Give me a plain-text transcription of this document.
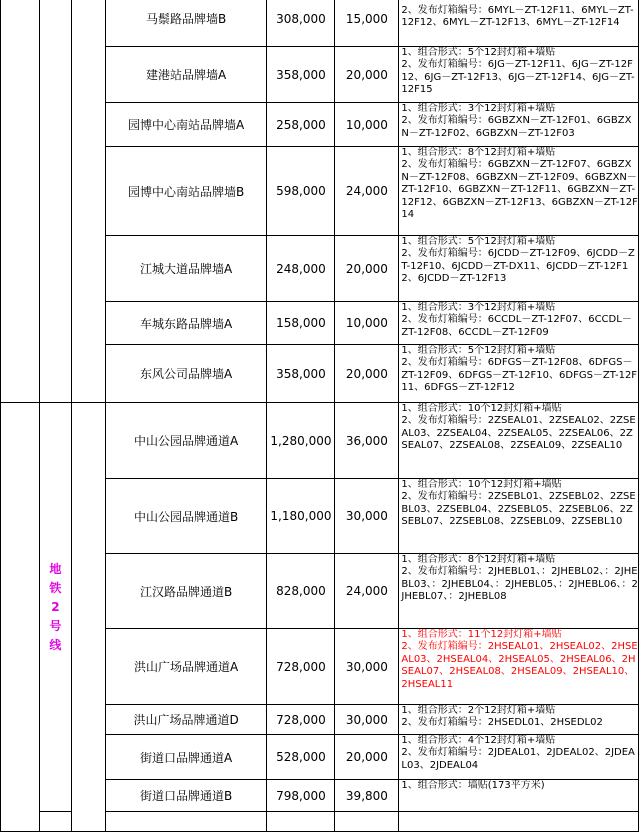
			马鬃路品牌墙B	308,000	15,000	2、发布灯箱编号：6MYL－ZT-12F11、6MYL－ZT-12F12、6MYL－ZT-12F13、6MYL－ZT-12F14
			建港站品牌墙A	358,000	20,000	1、组合形式：5个12封灯箱+墙贴
2、发布灯箱编号：6JG－ZT-12F11、6JG－ZT-12F12、6JG－ZT-12F13、6JG－ZT-12F14、6JG－ZT-12F15
			园博中心南站品牌墙A	258,000	10,000	1、组合形式：3个12封灯箱+墙贴
2、发布灯箱编号：6GBZXN－ZT-12F01、6GBZXN－ZT-12F02、6GBZXN－ZT-12F03
			园博中心南站品牌墙B	598,000	24,000	1、组合形式：8个12封灯箱+墙贴
2、发布灯箱编号：6GBZXN－ZT-12F07、6GBZXN－ZT-12F08、6GBZXN－ZT-12F09、6GBZXN－ZT-12F10、6GBZXN－ZT-12F11、6GBZXN－ZT-12F12、6GBZXN－ZT-12F13、6GBZXN－ZT-12F14
			江城大道品牌墙A	248,000	20,000	1、组合形式：5个12封灯箱+墙贴
2、发布灯箱编号：6JCDD－ZT-12F09、6JCDD－ZT-12F10、6JCDD－ZT-DX11、6JCDD－ZT-12F12、6JCDD－ZT-12F13
			车城东路品牌墙A	158,000	10,000	1、组合形式：3个12封灯箱+墙贴
2、发布灯箱编号：6CCDL－ZT-12F07、6CCDL－ZT-12F08、6CCDL－ZT-12F09
			东风公司品牌墙A	358,000	20,000	1、组合形式：5个12封灯箱+墙贴
2、发布灯箱编号：6DFGS－ZT-12F08、6DFGS－ZT-12F09、6DFGS－ZT-12F10、6DFGS－ZT-12F11、6DFGS－ZT-12F12
	地铁2号线		中山公园品牌通道A	1,280,000	36,000	1、组合形式：10个12封灯箱+墙贴
2、发布灯箱编号：2ZSEAL01、2ZSEAL02、2ZSEAL03、2ZSEAL04、2ZSEAL05、2ZSEAL06、2ZSEAL07、2ZSEAL08、2ZSEAL09、2ZSEAL10
			中山公园品牌通道B	1,180,000	30,000	1、组合形式：10个12封灯箱+墙贴
2、发布灯箱编号：2ZSEBL01、2ZSEBL02、2ZSEBL03、2ZSEBL04、2ZSEBL05、2ZSEBL06、2ZSEBL07、2ZSEBL08、2ZSEBL09、2ZSEBL10
			江汉路品牌通道B	828,000	24,000	1、组合形式：8个12封灯箱+墙贴
2、发布灯箱编号：2JHEBL01、：2JHEBL02、：2JHEBL03、：2JHEBL04、：2JHEBL05、：2JHEBL06、：2JHEBL07、：2JHEBL08
			洪山广场品牌通道A	728,000	30,000	1、组合形式：11个12封灯箱+墙贴
2、发布灯箱编号：2HSEAL01、2HSEAL02、2HSEAL03、2HSEAL04、2HSEAL05、2HSEAL06、2HSEAL07、2HSEAL08、2HSEAL09、2HSEAL10、2HSEAL11
			洪山广场品牌通道D	728,000	30,000	1、组合形式：2个12封灯箱+墙贴
2、发布灯箱编号：2HSEDL01、2HSEDL02
			街道口品牌通道A	528,000	20,000	1、组合形式：4个12封灯箱+墙贴
2、发布灯箱编号：2JDEAL01、2JDEAL02、2JDEAL03、2JDEAL04
			街道口品牌通道B	798,000	39,800	1、组合形式：墙贴(173平方米)
